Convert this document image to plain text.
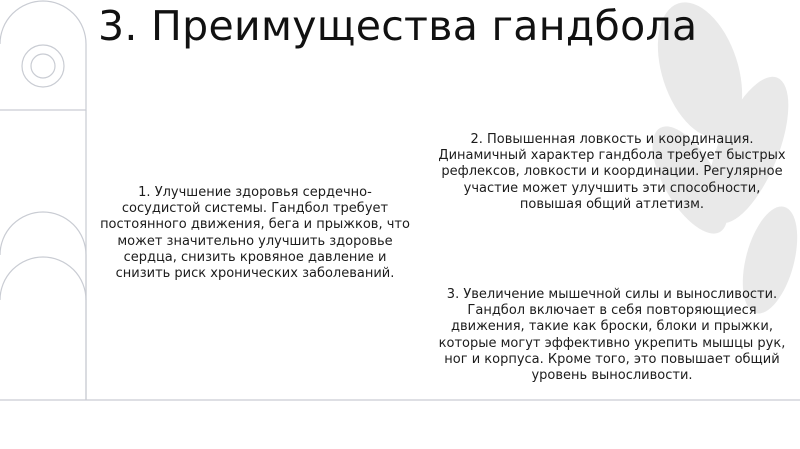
3. Преимущества гандбола

1. Улучшение здоровья сердечно-сосудистой системы. Гандбол требует постоянного движения, бега и прыжков, что может значительно улучшить здоровье сердца, снизить кровяное давление и снизить риск хронических заболеваний.

2. Повышенная ловкость и координация. Динамичный характер гандбола требует быстрых рефлексов, ловкости и координации. Регулярное участие может улучшить эти способности, повышая общий атлетизм.

3. Увеличение мышечной силы и выносливости. Гандбол включает в себя повторяющиеся движения, такие как броски, блоки и прыжки, которые могут эффективно укрепить мышцы рук, ног и корпуса. Кроме того, это повышает общий уровень выносливости.
